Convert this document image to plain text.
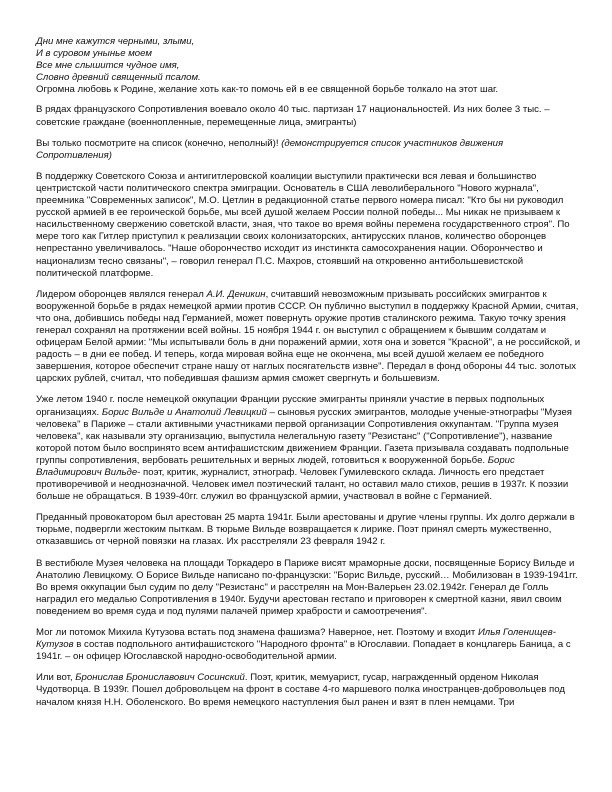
Дни мне кажутся черными, злыми,
И в суровом унынье моем
Все мне слышится чудное имя,
Словно древний священный псалом.
Огромна любовь к Родине, желание хоть как-то помочь ей в ее священной борьбе толкало на этот шаг.

В рядах французского Сопротивления воевало около 40 тыс. партизан 17 национальностей. Из них более 3 тыс. – советские граждане (военнопленные, перемещенные лица, эмигранты)

Вы только посмотрите на список (конечно, неполный)! (демонстрируется список участников движения Сопротивления)

В поддержку Советского Союза и антигитлеровской коалиции выступили практически вся левая и большинство центристской части политического спектра эмиграции. Основатель в США леволиберального "Нового журнала", преемника "Современных записок", М.О. Цетлин в редакционной статье первого номера писал: "Кто бы ни руководил русской армией в ее героической борьбе, мы всей душой желаем России полной победы... Мы никак не призываем к насильственному свержению советской власти, зная, что такое во время войны перемена государственного строя". По мере того как Гитлер приступил к реализации своих колонизаторских, антирусских планов, количество оборонцев непрестанно увеличивалось. "Наше оборончество исходит из инстинкта самосохранения нации. Оборончество и национализм тесно связаны", – говорил генерал П.С. Махров, стоявший на откровенно антибольшевистской политической платформе.

Лидером оборонцев являлся генерал А.И. Деникин, считавший невозможным призывать российских эмигрантов к вооруженной борьбе в рядах немецкой армии против СССР. Он публично выступил в поддержку Красной Армии, считая, что она, добившись победы над Германией, может повернуть оружие против сталинского режима. Такую точку зрения генерал сохранял на протяжении всей войны. 15 ноября 1944 г. он выступил с обращением к бывшим солдатам и офицерам Белой армии: "Мы испытывали боль в дни поражений армии, хотя она и зовется "Красной", а не российской, и радость – в дни ее побед. И теперь, когда мировая война еще не окончена, мы всей душой желаем ее победного завершения, которое обеспечит стране нашу от наглых посягательств извне". Передал в фонд обороны 44 тыс. золотых царских рублей, считал, что победившая фашизм армия сможет свергнуть и большевизм.

Уже летом 1940 г. после немецкой оккупации Франции русские эмигранты приняли участие в первых подпольных организациях. Борис Вильде и Анатолий Левицкий – сыновья русских эмигрантов, молодые ученые-этнографы "Музея человека" в Париже – стали активными участниками первой организации Сопротивления оккупантам. "Группа музея человека", как называли эту организацию, выпустила нелегальную газету "Резистанс" ("Сопротивление"), название которой потом было воспринято всем антифашистским движением Франции. Газета призывала создавать подпольные группы сопротивления, вербовать решительных и верных людей, готовиться к вооруженной борьбе. Борис Владимирович Вильде- поэт, критик, журналист, этнограф. Человек Гумилевского склада. Личность его предстает противоречивой и неоднозначной. Человек имел поэтический талант, но оставил мало стихов, решив в 1937г. К поэзии больше не обращаться. В 1939-40гг. служил во французской армии, участвовал в войне с Германией.

Преданный провокатором был арестован 25 марта 1941г. Были арестованы и другие члены группы. Их долго держали в тюрьме, подвергли жестоким пыткам. В тюрьме Вильде возвращается к лирике. Поэт принял смерть мужественно, отказавшись от черной повязки на глазах. Их расстреляли 23 февраля 1942 г.

В вестибюле Музея человека на площади Торкадеро в Париже висят мраморные доски, посвященные Борису Вильде и Анатолию Левицкому. О Борисе Вильде написано по-французски: "Борис Вильде, русский… Мобилизован в 1939-1941гг. Во время оккупации был судим по делу "Резистанс" и расстрелян на Мон-Валерьен 23.02.1942г. Генерал де Голль наградил его медалью Сопротивления в 1940г. Будучи арестован гестапо и приговорен к смертной казни, явил своим поведением во время суда и под пулями палачей пример храбрости и самоотречения".

Мог ли потомок Михила Кутузова встать под знамена фашизма? Наверное, нет. Поэтому и входит Илья Голенищев-Кутузов в состав подпольного антифашистского "Народного фронта" в Югославии. Попадает в концлагерь Баница, а с 1941г. – он офицер Югославской народно-освободительной армии.

Или вот, Бронислав Брониславович Сосинский. Поэт, критик, мемуарист, гусар, награжденный орденом Николая Чудотворца. В 1939г. Пошел добровольцем на фронт в составе 4-го маршевого полка иностранцев-добровольцев под началом князя Н.Н. Оболенского. Во время немецкого наступления был ранен и взят в плен немцами. Три
